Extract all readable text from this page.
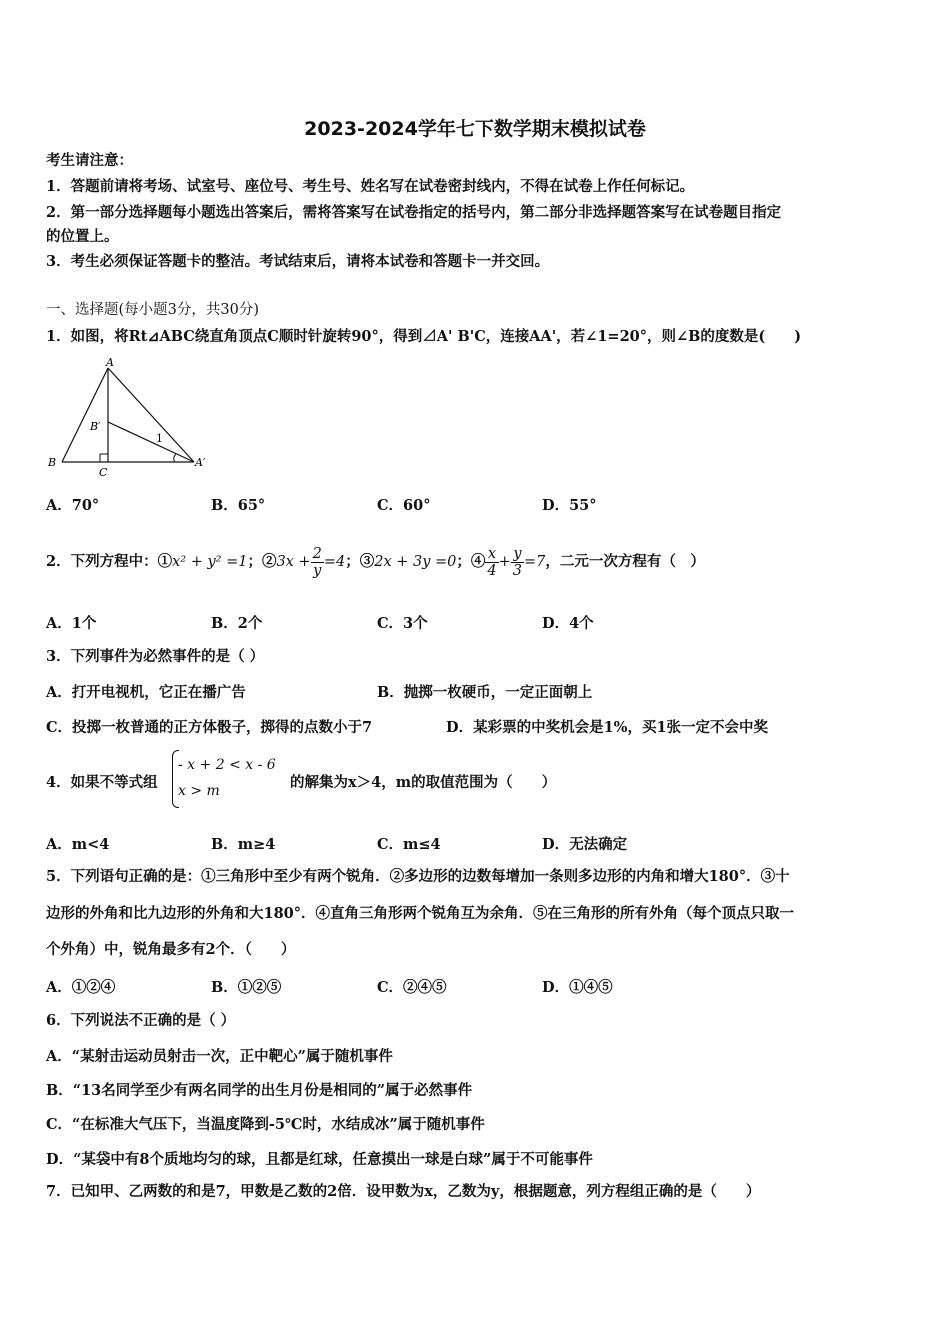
2023-2024学年七下数学期末模拟试卷
考生请注意：
1．答题前请将考场、试室号、座位号、考生号、姓名写在试卷密封线内，不得在试卷上作任何标记。
2．第一部分选择题每小题选出答案后，需将答案写在试卷指定的括号内，第二部分非选择题答案写在试卷题目指定
的位置上。
3．考生必须保证答题卡的整洁。考试结束后，请将本试卷和答题卡一并交回。
一、选择题(每小题3分，共30分)
1．如图，将Rt⊿ABC绕直角顶点C顺时针旋转90°，得到⊿A' B'C，连接AA'，若∠1=20°，则∠B的度数是(　　)
A
B
C
B′
A′
1
A．70°	B．65°	C．60°	D．55°
2．下列方程中：①x² + y² =1；②3x + $\frac{2}{y} =4$；③2x + 3y =0；④ $\frac{x}{4} + \frac{y}{3} =7$，二元一次方程有（　）
A．1个	B．2个	C．3个	D．4个
3．下列事件为必然事件的是（ ）
A．打开电视机，它正在播广告	B．抛掷一枚硬币，一定正面朝上
C．投掷一枚普通的正方体骰子，掷得的点数小于7	D．某彩票的中奖机会是1%，买1张一定不会中奖
4．如果不等式组
- x + 2 < x - 6
x > m	的解集为x＞4，m的取值范围为（　　）
A．m<4	B．m≥4	C．m≤4	D．无法确定
5．下列语句正确的是：①三角形中至少有两个锐角．②多边形的边数每增加一条则多边形的内角和增大180°．③十
边形的外角和比九边形的外角和大180°．④直角三角形两个锐角互为余角．⑤在三角形的所有外角（每个顶点只取一
个外角）中，锐角最多有2个．（　　）
A．①②④	B．①②⑤	C．②④⑤	D．①④⑤
6．下列说法不正确的是（ ）
A．“某射击运动员射击一次，正中靶心”属于随机事件
B．“13名同学至少有两名同学的出生月份是相同的”属于必然事件
C．“在标准大气压下，当温度降到-5℃时，水结成冰”属于随机事件
D．“某袋中有8个质地均匀的球，且都是红球，任意摸出一球是白球”属于不可能事件
7．已知甲、乙两数的和是7，甲数是乙数的2倍．设甲数为x，乙数为y，根据题意，列方程组正确的是（　　）
